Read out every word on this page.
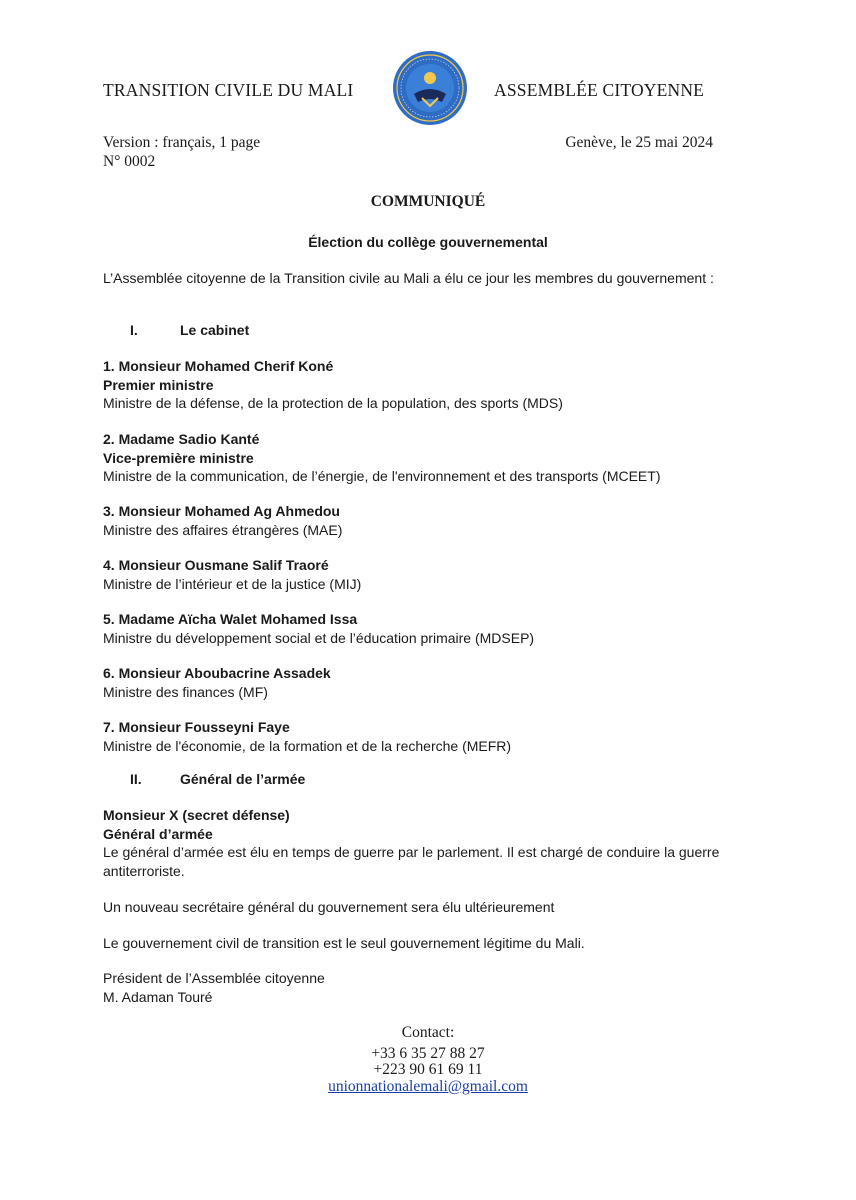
TRANSITION CIVILE DU MALI	ASSEMBLÉE CITOYENNE
Version : français, 1 page
N° 0002
Genève, le 25 mai 2024
COMMUNIQUÉ
Élection du collège gouvernemental
L’Assemblée citoyenne de la Transition civile au Mali a élu ce jour les membres du gouvernement :
I.	Le cabinet
1. Monsieur Mohamed Cherif Koné
Premier ministre
Ministre de la défense, de la protection de la population, des sports (MDS)
2. Madame Sadio Kanté
Vice-première ministre
Ministre de la communication, de l’énergie, de l'environnement et des transports (MCEET)
3. Monsieur Mohamed Ag Ahmedou
Ministre des affaires étrangères (MAE)
4. Monsieur Ousmane Salif Traoré
Ministre de l’intérieur et de la justice (MIJ)
5. Madame Aïcha Walet Mohamed Issa
Ministre du développement social et de l’éducation primaire (MDSEP)
6. Monsieur Aboubacrine Assadek
Ministre des finances (MF)
7. Monsieur Fousseyni Faye
Ministre de l'économie, de la formation et de la recherche (MEFR)
II.	Général de l’armée
Monsieur X (secret défense)
Général d’armée
Le général d’armée est élu en temps de guerre par le parlement. Il est chargé de conduire la guerre antiterroriste.
Un nouveau secrétaire général du gouvernement sera élu ultérieurement
Le gouvernement civil de transition est le seul gouvernement légitime du Mali.
Président de l’Assemblée citoyenne
M. Adaman Touré
Contact:
+33 6 35 27 88 27
+223 90 61 69 11
unionnationalemali@gmail.com
